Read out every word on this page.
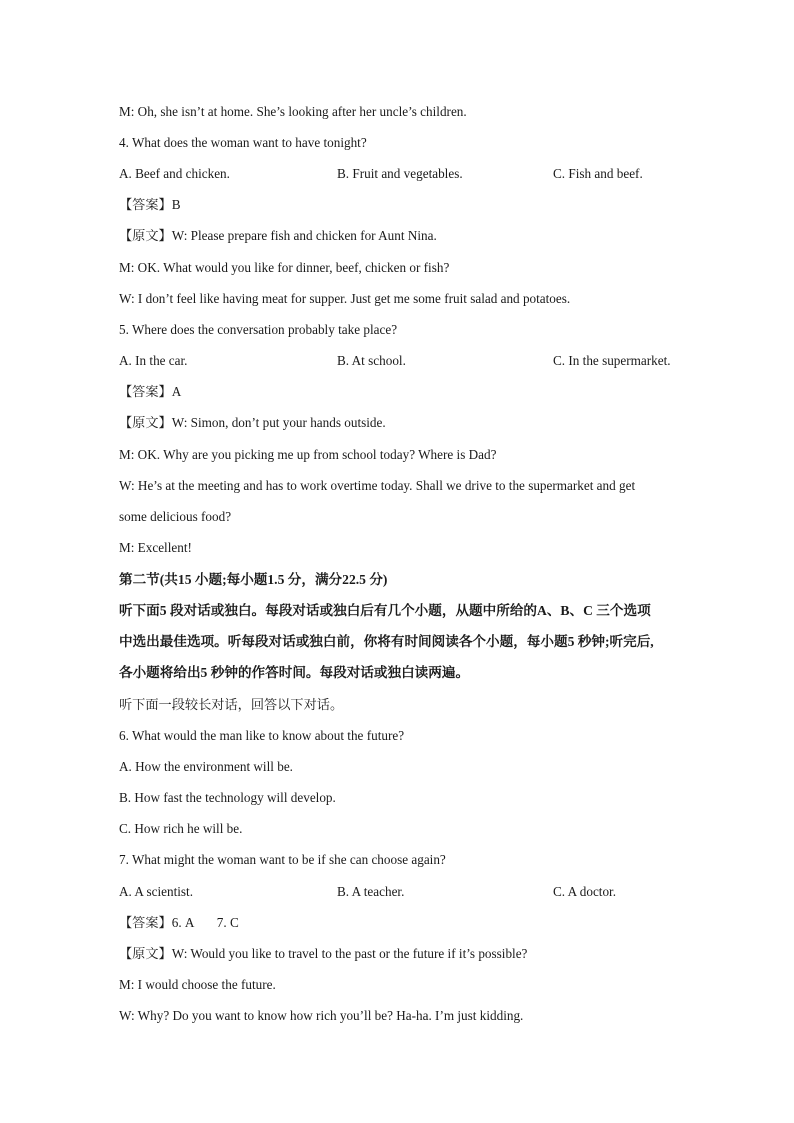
M: Oh, she isn’t at home. She’s looking after her uncle’s children.
4. What does the woman want to have tonight?
A. Beef and chicken.	B. Fruit and vegetables.	C. Fish and beef.
【答案】B
【原文】W: Please prepare fish and chicken for Aunt Nina.
M: OK. What would you like for dinner, beef, chicken or fish?
W: I don’t feel like having meat for supper. Just get me some fruit salad and potatoes.
5. Where does the conversation probably take place?
A. In the car.	B. At school.	C. In the supermarket.
【答案】A
【原文】W: Simon, don’t put your hands outside.
M: OK. Why are you picking me up from school today? Where is Dad?
W: He’s at the meeting and has to work overtime today. Shall we drive to the supermarket and get
some delicious food?
M: Excellent!
第二节(共15 小题;每小题1.5 分，满分22.5 分)
听下面5 段对话或独白。每段对话或独白后有几个小题，从题中所给的A、B、C 三个选项
中选出最佳选项。听每段对话或独白前，你将有时间阅读各个小题，每小题5 秒钟;听完后,
各小题将给出5 秒钟的作答时间。每段对话或独白读两遍。
听下面一段较长对话，回答以下对话。
6. What would the man like to know about the future?
A. How the environment will be.
B. How fast the technology will develop.
C. How rich he will be.
7. What might the woman want to be if she can choose again?
A. A scientist.	B. A teacher.	C. A doctor.
【答案】6. A       7. C
【原文】W: Would you like to travel to the past or the future if it’s possible?
M: I would choose the future.
W: Why? Do you want to know how rich you’ll be? Ha-ha. I’m just kidding.
